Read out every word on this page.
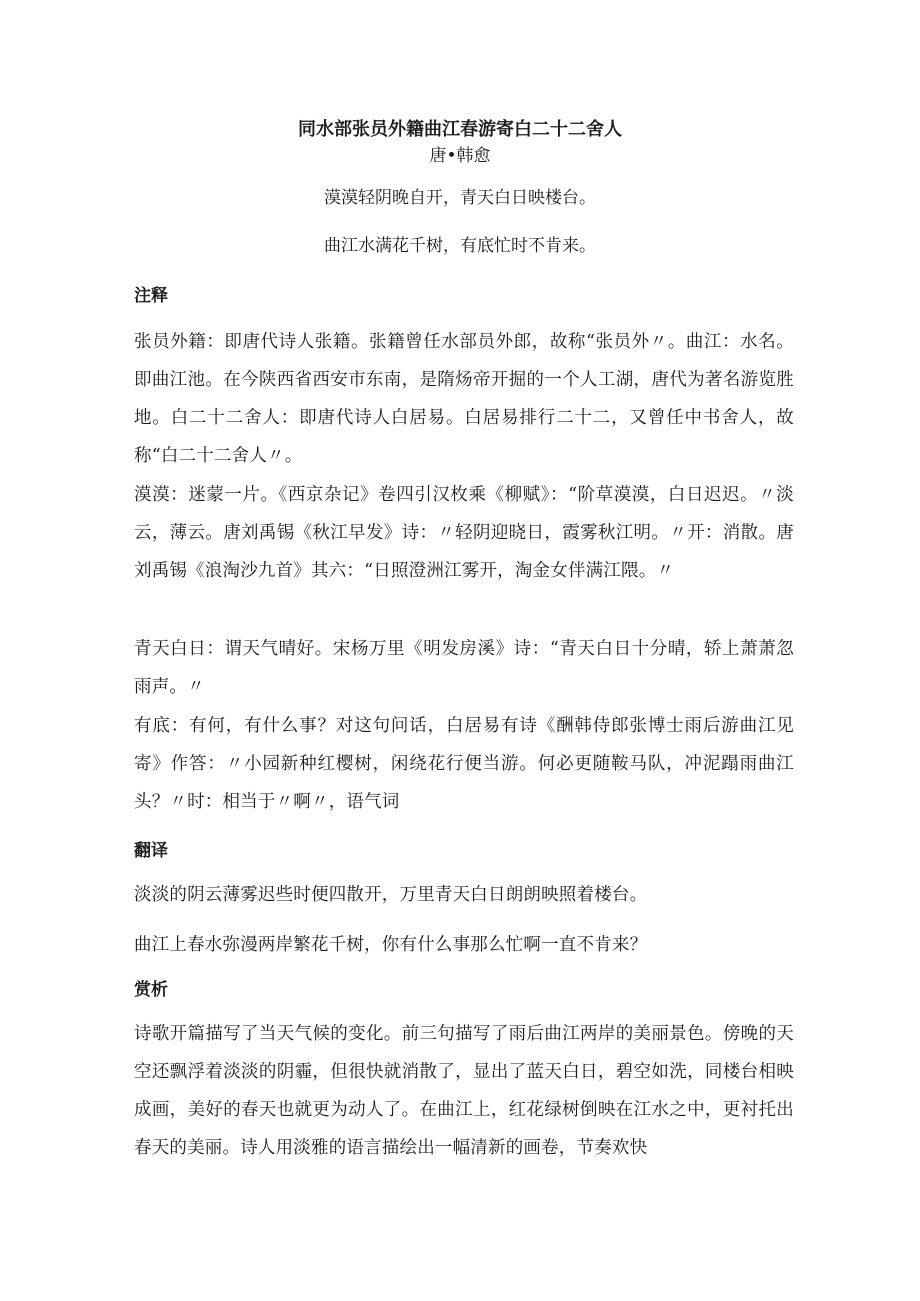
同水部张员外籍曲江春游寄白二十二舍人
唐•韩愈
漠漠轻阴晚自开，青天白日映楼台。
曲江水满花千树，有底忙时不肯来。
注释
张员外籍：即唐代诗人张籍。张籍曾任水部员外郎，故称“张员外〃。曲江：水名。即曲江池。在今陕西省西安市东南，是隋炀帝开掘的一个人工湖，唐代为著名游览胜地。白二十二舍人：即唐代诗人白居易。白居易排行二十二，又曾任中书舍人，故称“白二十二舍人〃。
漠漠：迷蒙一片。《西京杂记》卷四引汉枚乘《柳赋》：“阶草漠漠，白日迟迟。〃淡云，薄云。唐刘禹锡《秋江早发》诗：〃轻阴迎晓日，霞雾秋江明。〃开：消散。唐刘禹锡《浪淘沙九首》其六：“日照澄洲江雾开，淘金女伴满江隈。〃
青天白日：谓天气晴好。宋杨万里《明发房溪》诗：“青天白日十分晴，轿上萧萧忽雨声。〃
有底：有何，有什么事？对这句问话，白居易有诗《酬韩侍郎张博士雨后游曲江见寄》作答：〃小园新种红樱树，闲绕花行便当游。何必更随鞍马队，冲泥蹋雨曲江头？〃时：相当于〃啊〃，语气词
翻译
淡淡的阴云薄雾迟些时便四散开，万里青天白日朗朗映照着楼台。
曲江上春水弥漫两岸繁花千树，你有什么事那么忙啊一直不肯来？
赏析
诗歌开篇描写了当天气候的变化。前三句描写了雨后曲江两岸的美丽景色。傍晚的天空还飘浮着淡淡的阴霾，但很快就消散了，显出了蓝天白日，碧空如洗，同楼台相映成画，美好的春天也就更为动人了。在曲江上，红花绿树倒映在江水之中，更衬托出春天的美丽。诗人用淡雅的语言描绘出一幅清新的画卷，节奏欢快
